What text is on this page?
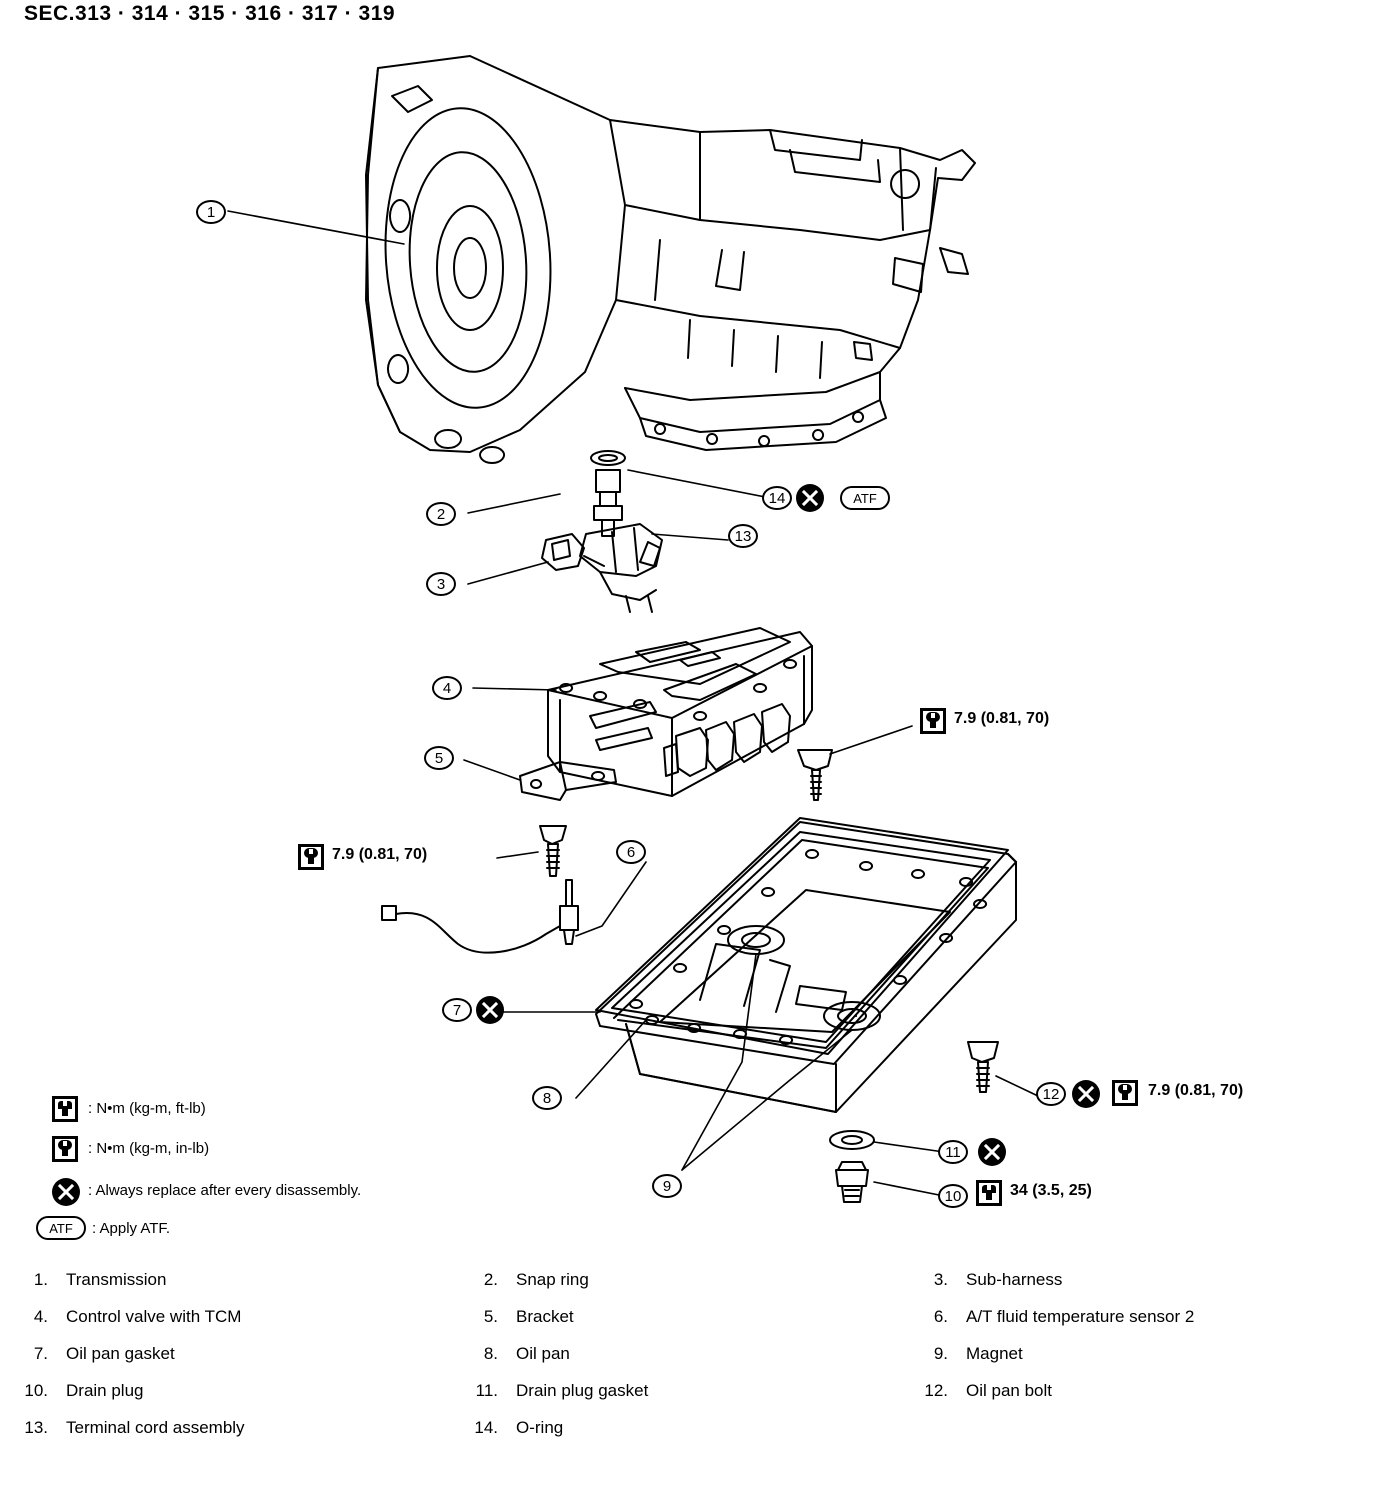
SEC.313 · 314 · 315 · 316 · 317 · 319
1
2
3
4
5
6
7
8
9
10
11
12
13
14	ATF
7.9 (0.81, 70)
7.9 (0.81, 70)
7.9 (0.81, 70)
34 (3.5, 25)
: N•m (kg-m, ft-lb)
: N•m (kg-m, in-lb)
: Always replace after every disassembly.
ATF	: Apply ATF.
1.	Transmission	2.	Snap ring	3.	Sub-harness
4.	Control valve with TCM	5.	Bracket	6.	A/T fluid temperature sensor 2
7.	Oil pan gasket	8.	Oil pan	9.	Magnet
10.	Drain plug	11.	Drain plug gasket	12.	Oil pan bolt
13.	Terminal cord assembly	14.	O-ring
